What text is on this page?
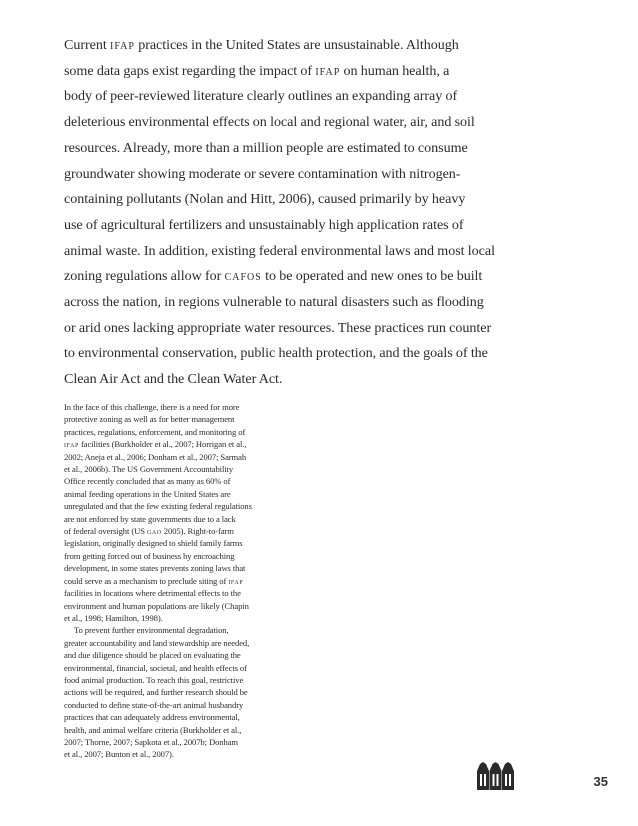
Current ifap practices in the United States are unsustainable. Although
some data gaps exist regarding the impact of ifap on human health, a
body of peer-reviewed literature clearly outlines an expanding array of
deleterious environmental effects on local and regional water, air, and soil
resources. Already, more than a million people are estimated to consume
groundwater showing moderate or severe contamination with nitrogen-
containing pollutants (Nolan and Hitt, 2006), caused primarily by heavy
use of agricultural fertilizers and unsustainably high application rates of
animal waste. In addition, existing federal environmental laws and most local
zoning regulations allow for cafos to be operated and new ones to be built
across the nation, in regions vulnerable to natural disasters such as flooding
or arid ones lacking appropriate water resources. These practices run counter
to environmental conservation, public health protection, and the goals of the
Clean Air Act and the Clean Water Act.
In the face of this challenge, there is a need for more
protective zoning as well as for better management
practices, regulations, enforcement, and monitoring of
ifap facilities (Burkholder et al., 2007; Horrigan et al.,
2002; Aneja et al., 2006; Donham et al., 2007; Sarmah
et al., 2006b). The US Government Accountability
Office recently concluded that as many as 60% of
animal feeding operations in the United States are
unregulated and that the few existing federal regulations
are not enforced by state governments due to a lack
of federal oversight (US gao 2005). Right-to-farm
legislation, originally designed to shield family farms
from getting forced out of business by encroaching
development, in some states prevents zoning laws that
could serve as a mechanism to preclude siting of ifap
facilities in locations where detrimental effects to the
environment and human populations are likely (Chapin
et al., 1998; Hamilton, 1998).
To prevent further environmental degradation,
greater accountability and land stewardship are needed,
and due diligence should be placed on evaluating the
environmental, financial, societal, and health effects of
food animal production. To reach this goal, restrictive
actions will be required, and further research should be
conducted to define state-of-the-art animal husbandry
practices that can adequately address environmental,
health, and animal welfare criteria (Burkholder et al.,
2007; Thorne, 2007; Sapkota et al., 2007b; Donham
et al., 2007; Bunton et al., 2007).
35
